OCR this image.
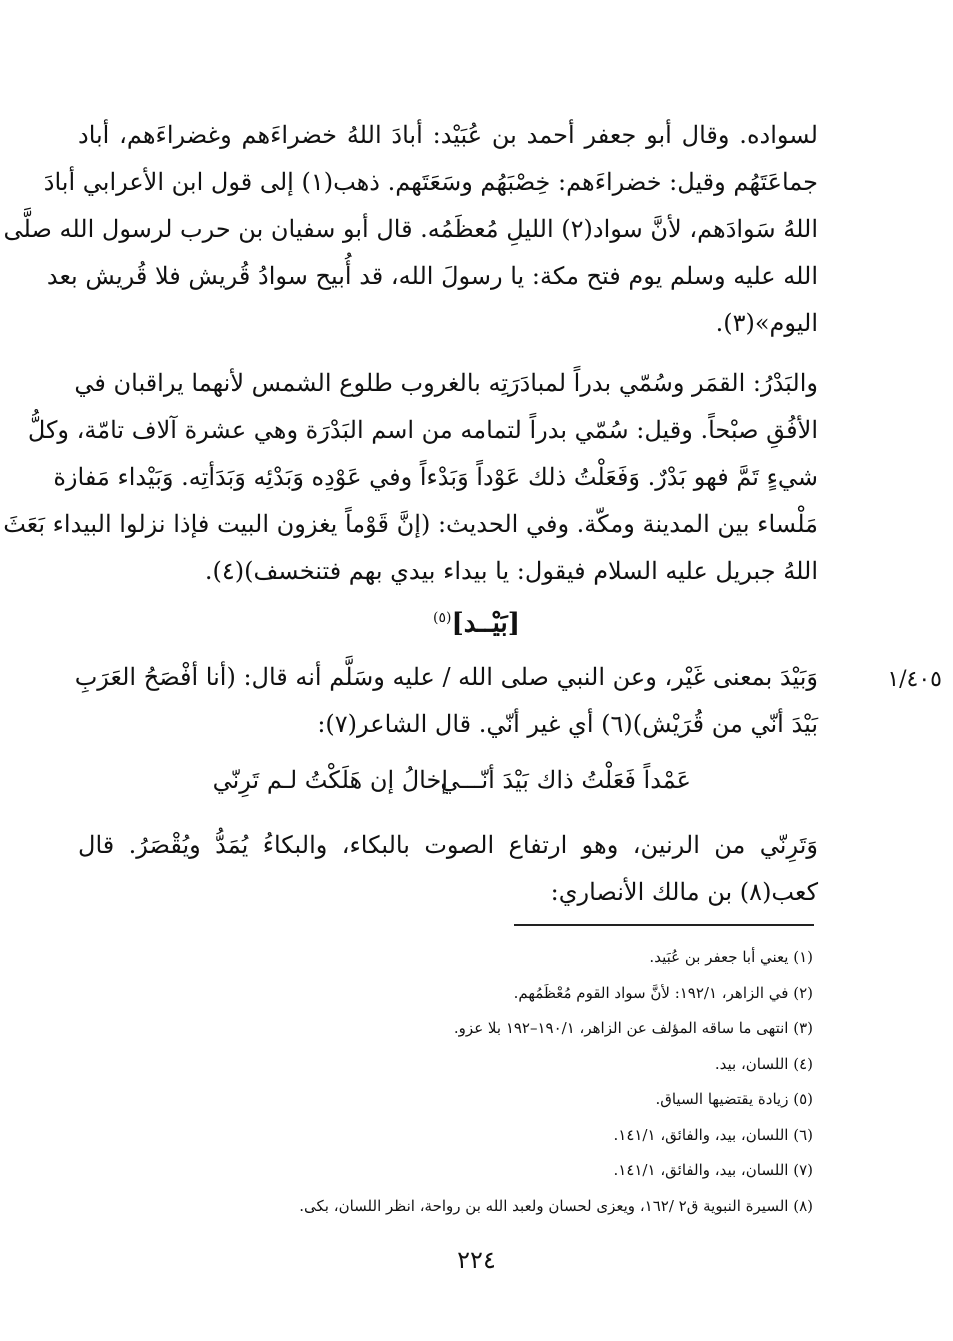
لسواده. وقال أبو جعفر أحمد بن عُبَيْد: أبادَ اللهُ خضراءَهم وغضراءَهم، أباد
جماعَتَهُم وقيل: خضراءَهم: خِصْبَهُم وسَعَتَهم. ذهب(١) إلى قول ابن الأعرابي أبادَ
اللهُ سَوادَهم، لأنَّ سواد(٢) الليلِ مُعظَمُه. قال أبو سفيان بن حرب لرسول الله صلَّى
الله عليه وسلم يوم فتح مكة: يا رسولَ الله، قد أُبيح سوادُ قُريش فلا قُريش بعد
اليوم»(٣).
والبَدْرُ: القمَر وسُمّي بدراً لمبادَرَتِه بالغروب طلوع الشمس لأنهما يراقبان في
الأفُقِ صبْحاً. وقيل: سُمّي بدراً لتمامه من اسم البَدْرَة وهي عشرة آلاف تامّة، وكلُّ
شيءٍ تَمَّ فهو بَدْرٌ. وَفَعَلْتُ ذلك عَوْداً وَبَدْءاً وفي عَوْدِه وَبَدْئِه وَبَدَأتِه. وَبَيْداء مَفازة
مَلْساء بين المدينة ومكّة. وفي الحديث: (إنَّ قَوْماً يغزون البيت فإذا نزلوا البيداء بَعَثَ
اللهُ جبريل عليه السلام فيقول: يا بيداء بيدي بهم فتنخسف)(٤).
[بَيْــد]$^{(٥)}$
١/٤٠٥
وَبَيْدَ بمعنى غَيْر، وعن النبي صلى الله / عليه وسَلَّم أنه قال: (أنا أفْصَحُ العَرَبِ
بَيْدَ أنّي من قُرَيْش)(٦) أي غير أنّي. قال الشاعر(٧):
عَمْداً فَعَلْتُ ذاك بَيْدَ أنّـــي
إخالُ إن هَلَكْتُ لـم تَرِنّي
وَتَرِنّي من الرنين، وهو ارتفاع الصوت بالبكاء، والبكاءُ يُمَدُّ ويُقْصَرُ. قال
كعب(٨) بن مالك الأنصاري:
(١) يعني أبا جعفر بن عُبَيد.
(٢) في الزاهر، ١٩٢/١: لأنَّ سواد القوم مُعْظَمُهم.
(٣) انتهى ما ساقه المؤلف عن الزاهر، ١٩٠/١–١٩٢ بلا عزو.
(٤) اللسان، بيد.
(٥) زيادة يقتضيها السياق.
(٦) اللسان، بيد، والفائق، ١٤١/١.
(٧) اللسان، بيد، والفائق، ١٤١/١.
(٨) السيرة النبوية ق٢ /١٦٢، ويعزى لحسان ولعبد الله بن رواحة، انظر اللسان، بكى.
٢٢٤
